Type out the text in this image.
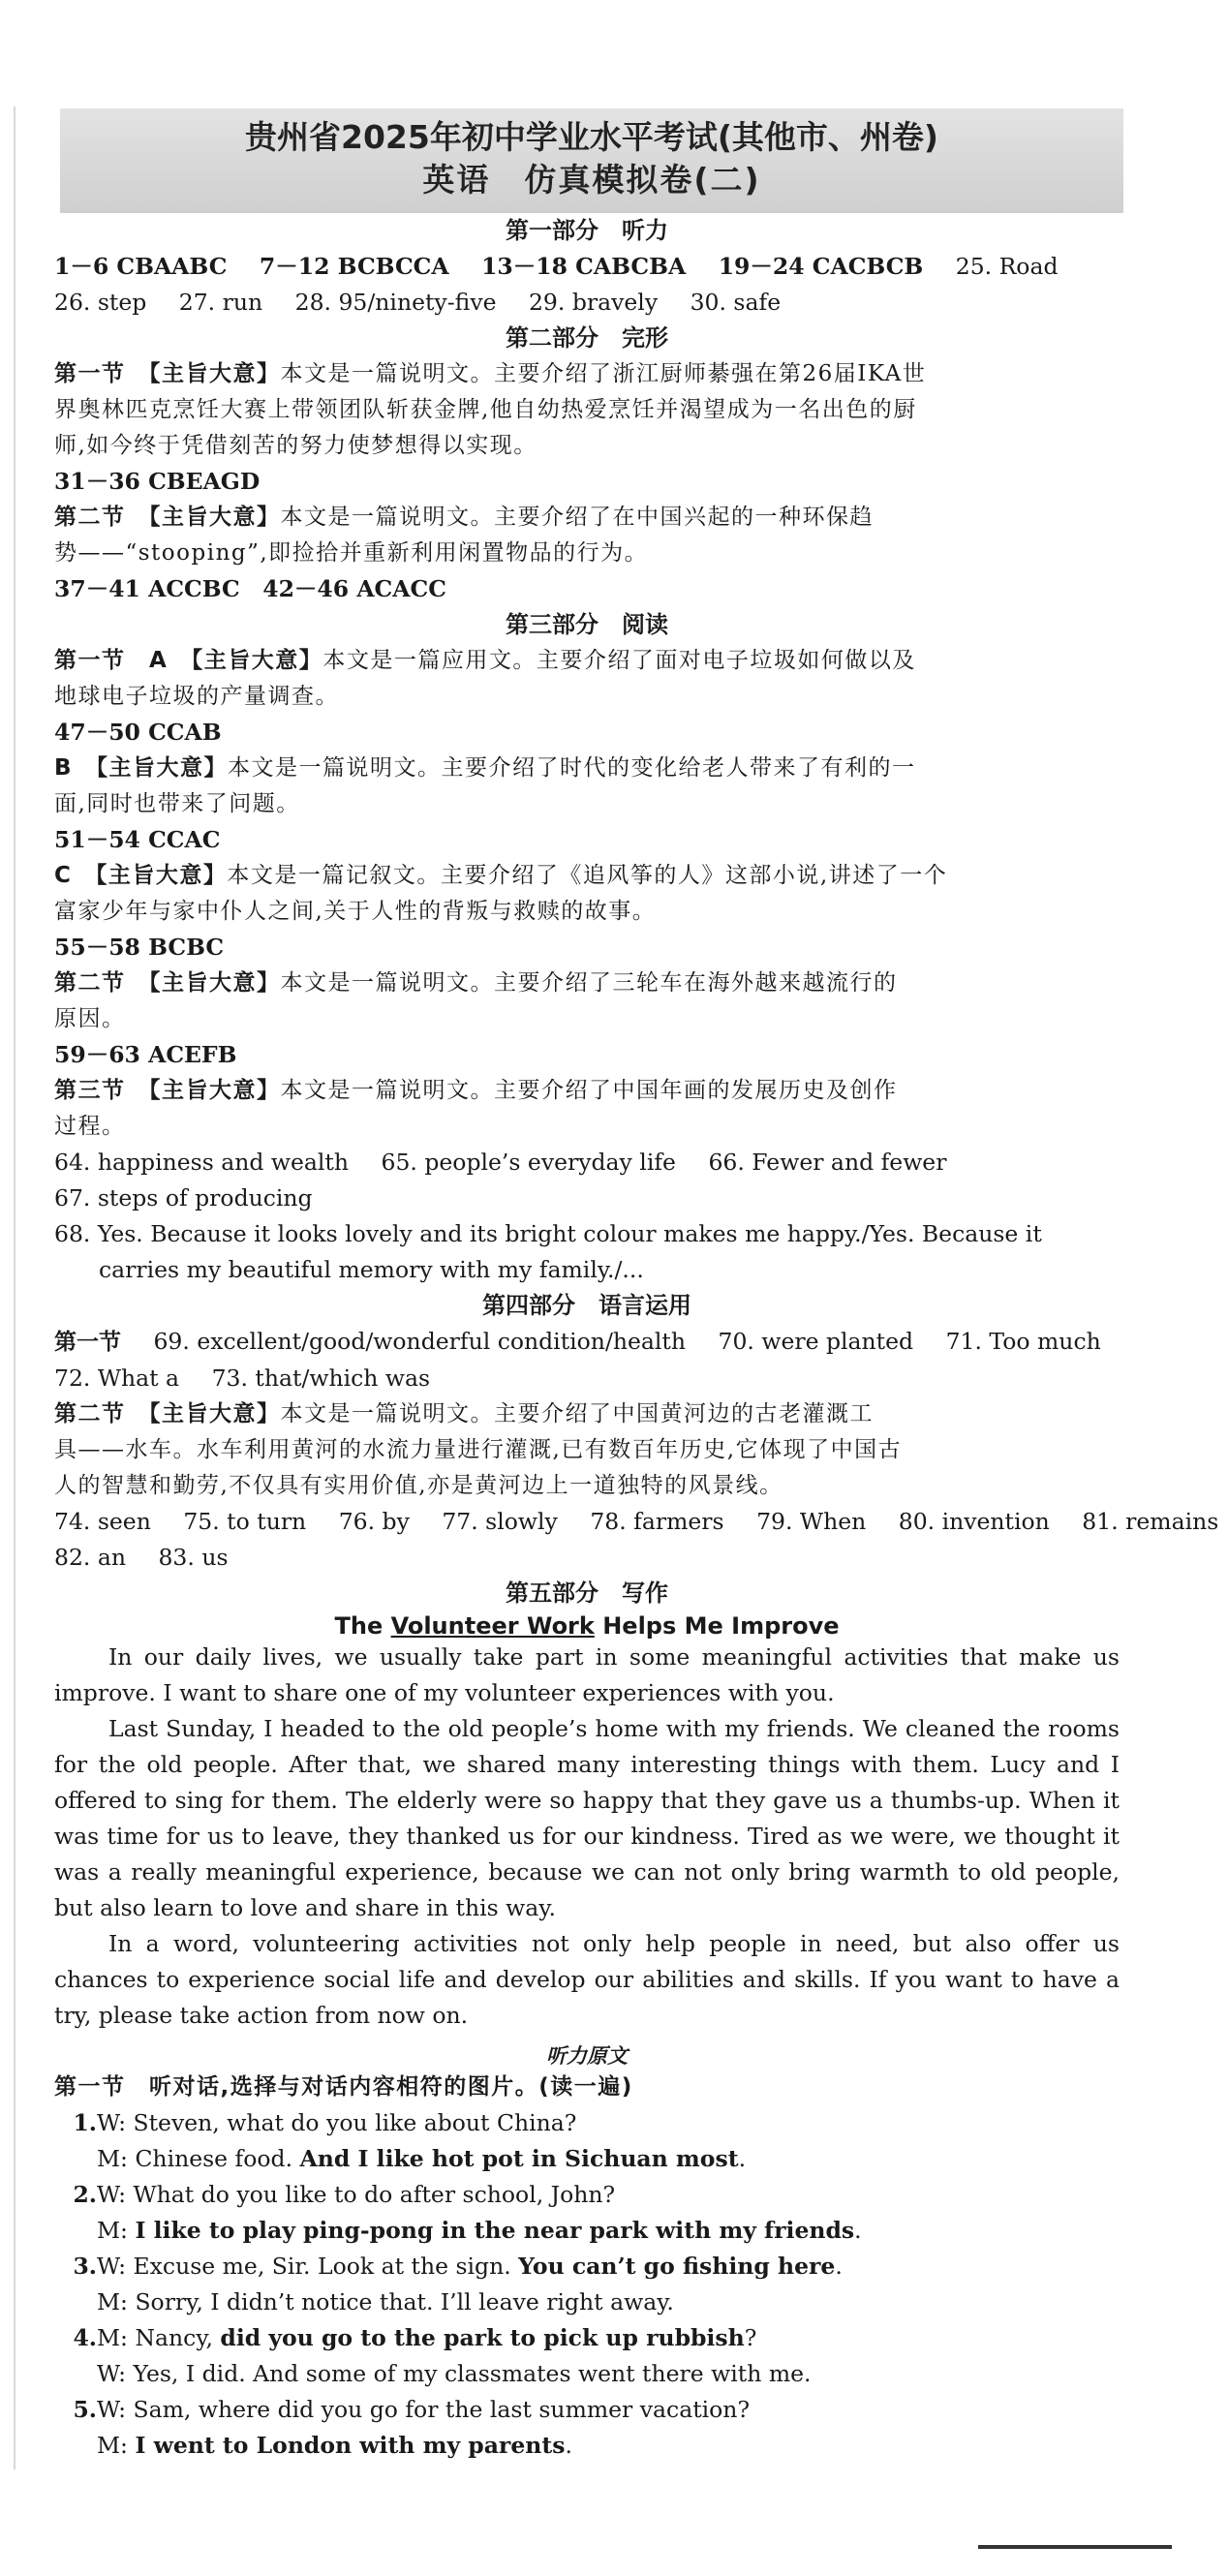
贵州省2025年初中学业水平考试(其他市、州卷)
英语　仿真模拟卷(二)
第一部分　听力
1－6 CBAABC 7－12 BCBCCA 13－18 CABCBA 19－24 CACBCB 25. Road
26. step 27. run 28. 95/ninety-five 29. bravely 30. safe
第二部分　完形
第一节　【主旨大意】本文是一篇说明文。主要介绍了浙江厨师綦强在第26届IKA世
界奥林匹克烹饪大赛上带领团队斩获金牌,他自幼热爱烹饪并渴望成为一名出色的厨
师,如今终于凭借刻苦的努力使梦想得以实现。
31－36 CBEAGD
第二节　【主旨大意】本文是一篇说明文。主要介绍了在中国兴起的一种环保趋
势——“stooping”,即捡拾并重新利用闲置物品的行为。
37－41 ACCBC　42－46 ACACC
第三部分　阅读
第一节　A　【主旨大意】本文是一篇应用文。主要介绍了面对电子垃圾如何做以及
地球电子垃圾的产量调查。
47－50 CCAB
B　【主旨大意】本文是一篇说明文。主要介绍了时代的变化给老人带来了有利的一
面,同时也带来了问题。
51－54 CCAC
C　【主旨大意】本文是一篇记叙文。主要介绍了《追风筝的人》这部小说,讲述了一个
富家少年与家中仆人之间,关于人性的背叛与救赎的故事。
55－58 BCBC
第二节　【主旨大意】本文是一篇说明文。主要介绍了三轮车在海外越来越流行的
原因。
59－63 ACEFB
第三节　【主旨大意】本文是一篇说明文。主要介绍了中国年画的发展历史及创作
过程。
64. happiness and wealth 65. people’s everyday life 66. Fewer and fewer
67. steps of producing
68. Yes. Because it looks lovely and its bright colour makes me happy./Yes. Because it
carries my beautiful memory with my family./...
第四部分　语言运用
第一节 69. excellent/good/wonderful condition/health 70. were planted 71. Too much
72. What a 73. that/which was
第二节　【主旨大意】本文是一篇说明文。主要介绍了中国黄河边的古老灌溉工
具——水车。水车利用黄河的水流力量进行灌溉,已有数百年历史,它体现了中国古
人的智慧和勤劳,不仅具有实用价值,亦是黄河边上一道独特的风景线。
74. seen 75. to turn 76. by 77. slowly 78. farmers 79. When 80. invention 81. remains
82. an 83. us
第五部分　写作
The Volunteer Work Helps Me Improve

In our daily lives, we usually take part in some meaningful activities that make us improve. I want to share one of my volunteer experiences with you.

Last Sunday, I headed to the old people’s home with my friends. We cleaned the rooms for the old people. After that, we shared many interesting things with them. Lucy and I offered to sing for them. The elderly were so happy that they gave us a thumbs-up. When it was time for us to leave, they thanked us for our kindness. Tired as we were, we thought it was a really meaningful experience, because we can not only bring warmth to old people, but also learn to love and share in this way.

In a word, volunteering activities not only help people in need, but also offer us chances to experience social life and develop our abilities and skills. If you want to have a try, please take action from now on.

听力原文
第一节　听对话,选择与对话内容相符的图片。(读一遍)
1.W: Steven, what do you like about China?
M: Chinese food. And I like hot pot in Sichuan most.
2.W: What do you like to do after school, John?
M: I like to play ping-pong in the near park with my friends.
3.W: Excuse me, Sir. Look at the sign. You can’t go fishing here.
M: Sorry, I didn’t notice that. I’ll leave right away.
4.M: Nancy, did you go to the park to pick up rubbish?
W: Yes, I did. And some of my classmates went there with me.
5.W: Sam, where did you go for the last summer vacation?
M: I went to London with my parents.
